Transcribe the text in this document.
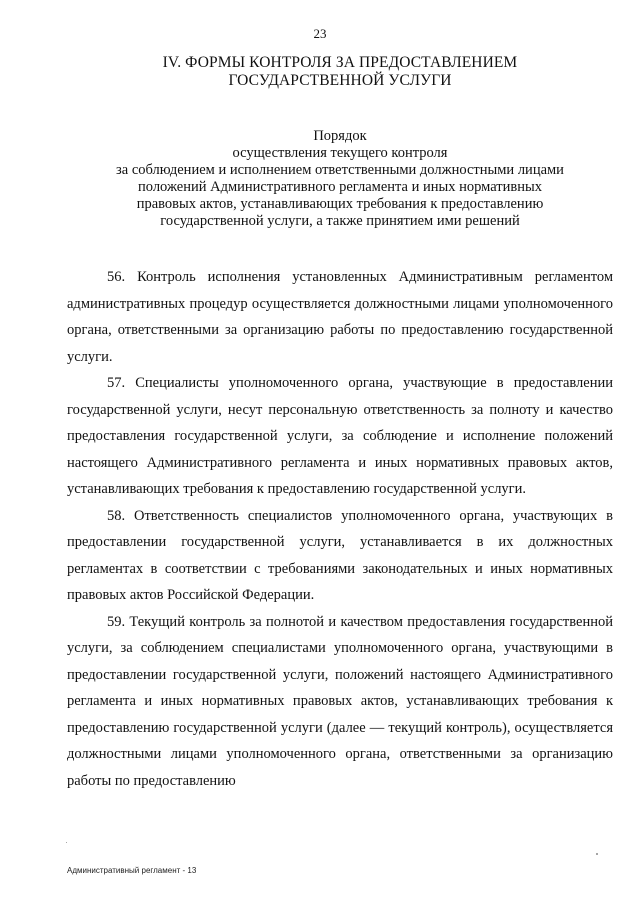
23
IV. ФОРМЫ КОНТРОЛЯ ЗА ПРЕДОСТАВЛЕНИЕМ
ГОСУДАРСТВЕННОЙ УСЛУГИ
Порядок
осуществления текущего контроля
за соблюдением и исполнением ответственными должностными лицами
положений Административного регламента и иных нормативных
правовых актов, устанавливающих требования к предоставлению
государственной услуги, а также принятием ими решений

56. Контроль исполнения установленных Административным регламентом административных процедур осуществляется должностными лицами уполномоченного органа, ответственными за организацию работы по предоставлению государственной услуги.

57. Специалисты уполномоченного органа, участвующие в предоставлении государственной услуги, несут персональную ответственность за полноту и качество предоставления государственной услуги, за соблюдение и исполнение положений настоящего Административного регламента и иных нормативных правовых актов, устанавливающих требования к предоставлению государственной услуги.

58. Ответственность специалистов уполномоченного органа, участвующих в предоставлении государственной услуги, устанавливается в их должностных регламентах в соответствии с требованиями законодательных и иных нормативных правовых актов Российской Федерации.

59. Текущий контроль за полнотой и качеством предоставления государственной услуги, за соблюдением специалистами уполномоченного органа, участвующими в предоставлении государственной услуги, положений настоящего Административного регламента и иных нормативных правовых актов, устанавливающих требования к предоставлению государственной услуги (далее — текущий контроль), осуществляется должностными лицами уполномоченного органа, ответственными за организацию работы по предоставлению

Административный регламент - 13
